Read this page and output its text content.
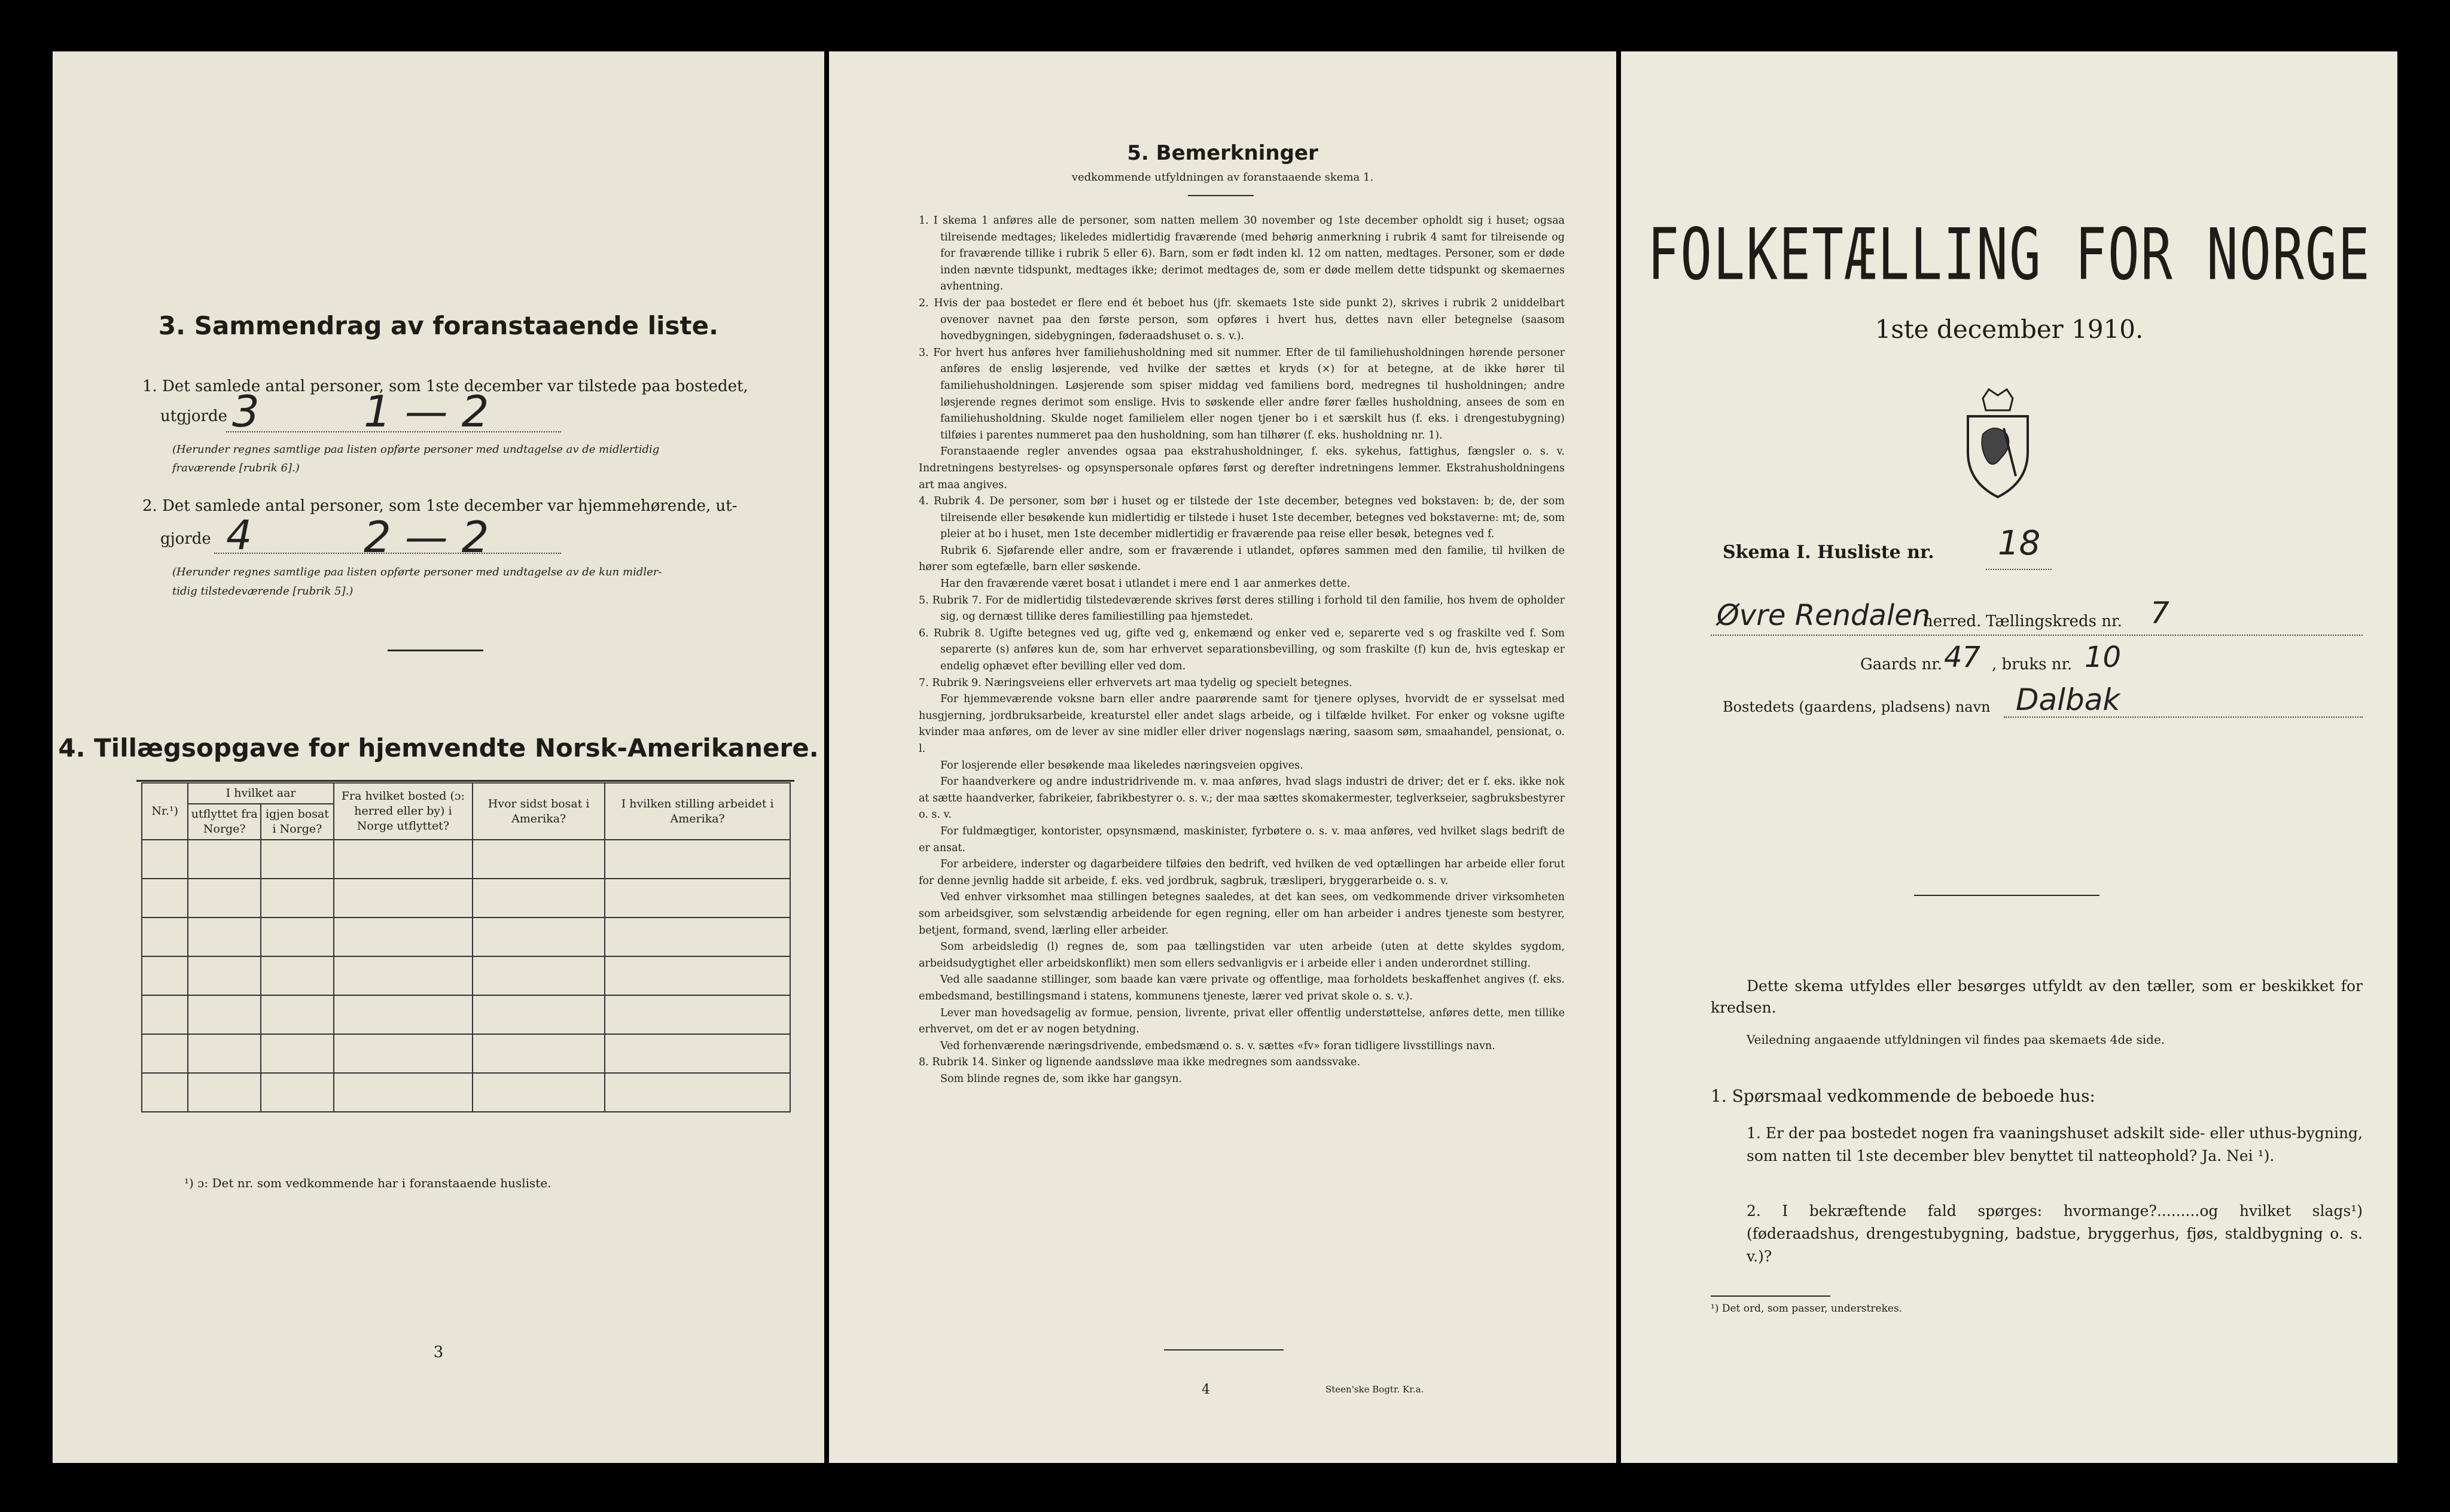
3. Sammendrag av foranstaaende liste.
1. Det samlede antal personer, som 1ste december var tilstede paa bostedet,
utgjorde 3 1 — 2
(Herunder regnes samtlige paa listen opførte personer med undtagelse av de midlertidig
fraværende [rubrik 6].)
2. Det samlede antal personer, som 1ste december var hjemmehørende, ut-
gjorde 4	2 — 2
(Herunder regnes samtlige paa listen opførte personer med undtagelse av de kun midler-
tidig tilstedeværende [rubrik 5].)
4. Tillægsopgave for hjemvendte Norsk-Amerikanere.
Nr.¹)	I hvilket aar		Fra hvilket bosted (ɔ: herred eller by) i Norge utflyttet?	Hvor sidst bosat i Amerika?	I hvilken stilling arbeidet i Amerika?
	utflyttet fra Norge?	igjen bosat i Norge?			

¹) ɔ: Det nr. som vedkommende har i foranstaaende husliste.
3
5. Bemerkninger
vedkommende utfyldningen av foranstaaende skema 1.

1. I skema 1 anføres alle de personer, som natten mellem 30 november og 1ste december opholdt sig i huset; ogsaa tilreisende medtages; likeledes midlertidig fraværende (med behørig anmerkning i rubrik 4 samt for tilreisende og for fraværende tillike i rubrik 5 eller 6). Barn, som er født inden kl. 12 om natten, medtages. Personer, som er døde inden nævnte tidspunkt, medtages ikke; derimot medtages de, som er døde mellem dette tidspunkt og skemaernes avhentning.

2. Hvis der paa bostedet er flere end ét beboet hus (jfr. skemaets 1ste side punkt 2), skrives i rubrik 2 uniddelbart ovenover navnet paa den første person, som opføres i hvert hus, dettes navn eller betegnelse (saasom hovedbygningen, sidebygningen, føderaadshuset o. s. v.).

3. For hvert hus anføres hver familiehusholdning med sit nummer. Efter de til familiehusholdningen hørende personer anføres de enslig løsjerende, ved hvilke der sættes et kryds (×) for at betegne, at de ikke hører til familiehusholdningen. Løsjerende som spiser middag ved familiens bord, medregnes til husholdningen; andre løsjerende regnes derimot som enslige. Hvis to søskende eller andre fører fælles husholdning, ansees de som en familiehusholdning. Skulde noget familielem eller nogen tjener bo i et særskilt hus (f. eks. i drengestubygning) tilføies i parentes nummeret paa den husholdning, som han tilhører (f. eks. husholdning nr. 1).

Foranstaaende regler anvendes ogsaa paa ekstrahusholdninger, f. eks. sykehus, fattighus, fængsler o. s. v. Indretningens bestyrelses- og opsynspersonale opføres først og derefter indretningens lemmer. Ekstrahusholdningens art maa angives.

4. Rubrik 4. De personer, som bør i huset og er tilstede der 1ste december, betegnes ved bokstaven: b; de, der som tilreisende eller besøkende kun midlertidig er tilstede i huset 1ste december, betegnes ved bokstaverne: mt; de, som pleier at bo i huset, men 1ste december midlertidig er fraværende paa reise eller besøk, betegnes ved f.

Rubrik 6. Sjøfarende eller andre, som er fraværende i utlandet, opføres sammen med den familie, til hvilken de hører som egtefælle, barn eller søskende.

Har den fraværende været bosat i utlandet i mere end 1 aar anmerkes dette.

5. Rubrik 7. For de midlertidig tilstedeværende skrives først deres stilling i forhold til den familie, hos hvem de opholder sig, og dernæst tillike deres familiestilling paa hjemstedet.

6. Rubrik 8. Ugifte betegnes ved ug, gifte ved g, enkemænd og enker ved e, separerte ved s og fraskilte ved f. Som separerte (s) anføres kun de, som har erhvervet separationsbevilling, og som fraskilte (f) kun de, hvis egteskap er endelig ophævet efter bevilling eller ved dom.

7. Rubrik 9. Næringsveiens eller erhvervets art maa tydelig og specielt betegnes.

For hjemmeværende voksne barn eller andre paarørende samt for tjenere oplyses, hvorvidt de er sysselsat med husgjerning, jordbruksarbeide, kreaturstel eller andet slags arbeide, og i tilfælde hvilket. For enker og voksne ugifte kvinder maa anføres, om de lever av sine midler eller driver nogenslags næring, saasom søm, smaahandel, pensionat, o. l.

For losjerende eller besøkende maa likeledes næringsveien opgives.

For haandverkere og andre industridrivende m. v. maa anføres, hvad slags industri de driver; det er f. eks. ikke nok at sætte haandverker, fabrikeier, fabrikbestyrer o. s. v.; der maa sættes skomakermester, teglverkseier, sagbruksbestyrer o. s. v.

For fuldmægtiger, kontorister, opsynsmænd, maskinister, fyrbøtere o. s. v. maa anføres, ved hvilket slags bedrift de er ansat.

For arbeidere, inderster og dagarbeidere tilføies den bedrift, ved hvilken de ved optællingen har arbeide eller forut for denne jevnlig hadde sit arbeide, f. eks. ved jordbruk, sagbruk, træsliperi, bryggerarbeide o. s. v.

Ved enhver virksomhet maa stillingen betegnes saaledes, at det kan sees, om vedkommende driver virksomheten som arbeidsgiver, som selvstændig arbeidende for egen regning, eller om han arbeider i andres tjeneste som bestyrer, betjent, formand, svend, lærling eller arbeider.

Som arbeidsledig (l) regnes de, som paa tællingstiden var uten arbeide (uten at dette skyldes sygdom, arbeidsudygtighet eller arbeidskonflikt) men som ellers sedvanligvis er i arbeide eller i anden underordnet stilling.

Ved alle saadanne stillinger, som baade kan være private og offentlige, maa forholdets beskaffenhet angives (f. eks. embedsmand, bestillingsmand i statens, kommunens tjeneste, lærer ved privat skole o. s. v.).

Lever man hovedsagelig av formue, pension, livrente, privat eller offentlig understøttelse, anføres dette, men tillike erhvervet, om det er av nogen betydning.

Ved forhenværende næringsdrivende, embedsmænd o. s. v. sættes «fv» foran tidligere livsstillings navn.

8. Rubrik 14. Sinker og lignende aandssløve maa ikke medregnes som aandssvake.

Som blinde regnes de, som ikke har gangsyn.

4	Steen'ske Bogtr. Kr.a.
FOLKETÆLLING FOR NORGE
1ste december 1910.
Skema I. Husliste nr. 18
Øvre Rendalen
herred. Tællingskreds nr. 7
Gaards nr. 47 , bruks nr. 10
Bostedets (gaardens, pladsens) navn Dalbak
Dette skema utfyldes eller besørges utfyldt av den tæller, som er beskikket for kredsen.
Veiledning angaaende utfyldningen vil findes paa skemaets 4de side.
1. Spørsmaal vedkommende de beboede hus:
1. Er der paa bostedet nogen fra vaaningshuset adskilt side- eller uthus-bygning, som natten til 1ste december blev benyttet til natteophold? Ja. Nei ¹).
2. I bekræftende fald spørges: hvormange?.........og hvilket slags¹) (føderaadshus, drengestubygning, badstue, bryggerhus, fjøs, staldbygning o. s. v.)?
¹) Det ord, som passer, understrekes.
